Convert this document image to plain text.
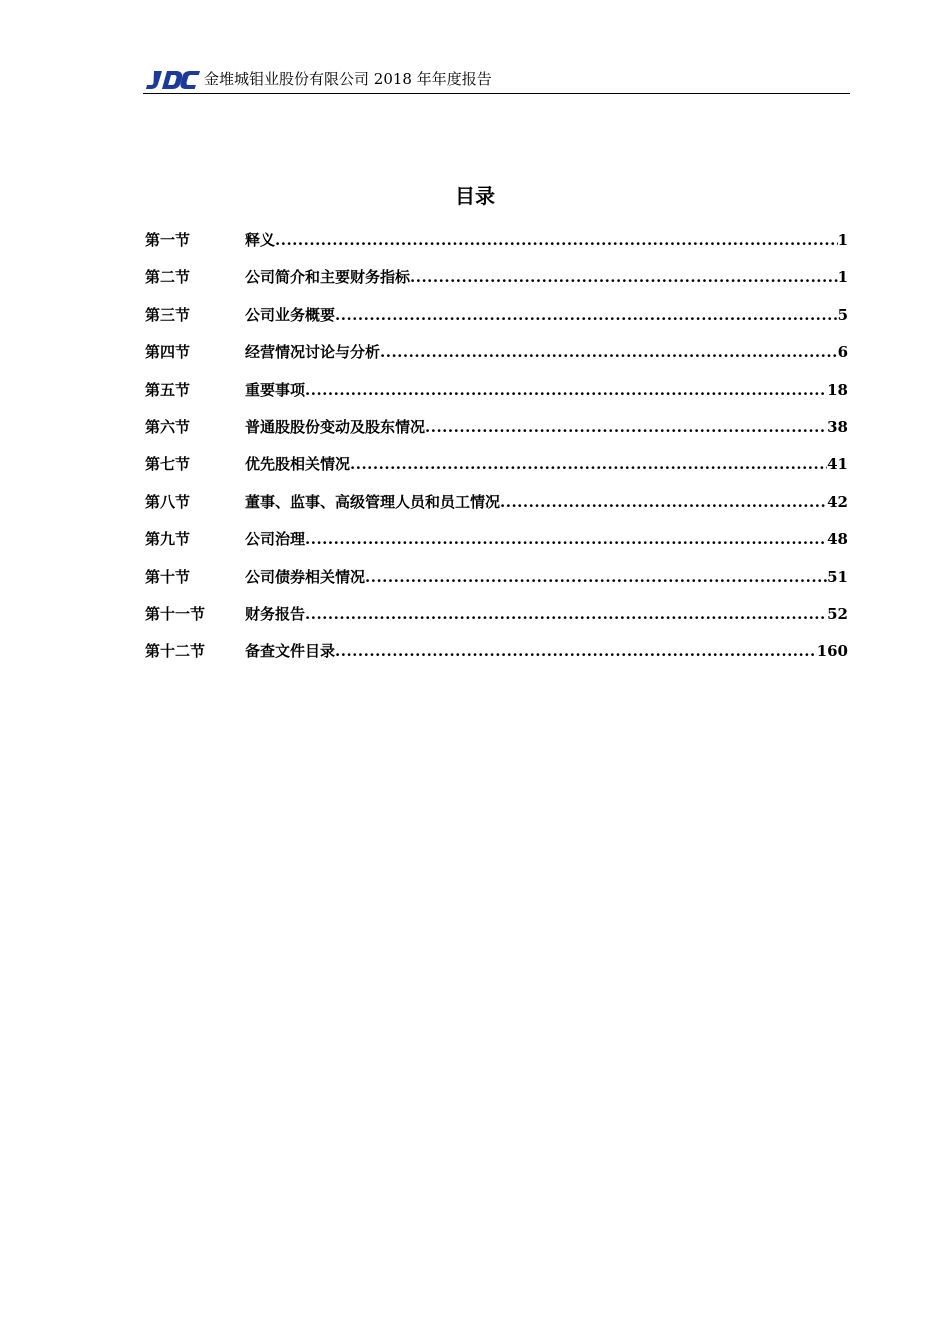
金堆城钼业股份有限公司 2018 年年度报告
目录
第一节	释义 .....	1
第二节	公司简介和主要财务指标 .....	1
第三节	公司业务概要 .....	5
第四节	经营情况讨论与分析 .....	6
第五节	重要事项 .....	18
第六节	普通股股份变动及股东情况 .....	38
第七节	优先股相关情况 .....	41
第八节	董事、监事、高级管理人员和员工情况 .....	42
第九节	公司治理 .....	48
第十节	公司债券相关情况 .....	51
第十一节	财务报告 .....	52
第十二节	备查文件目录 .....	160
